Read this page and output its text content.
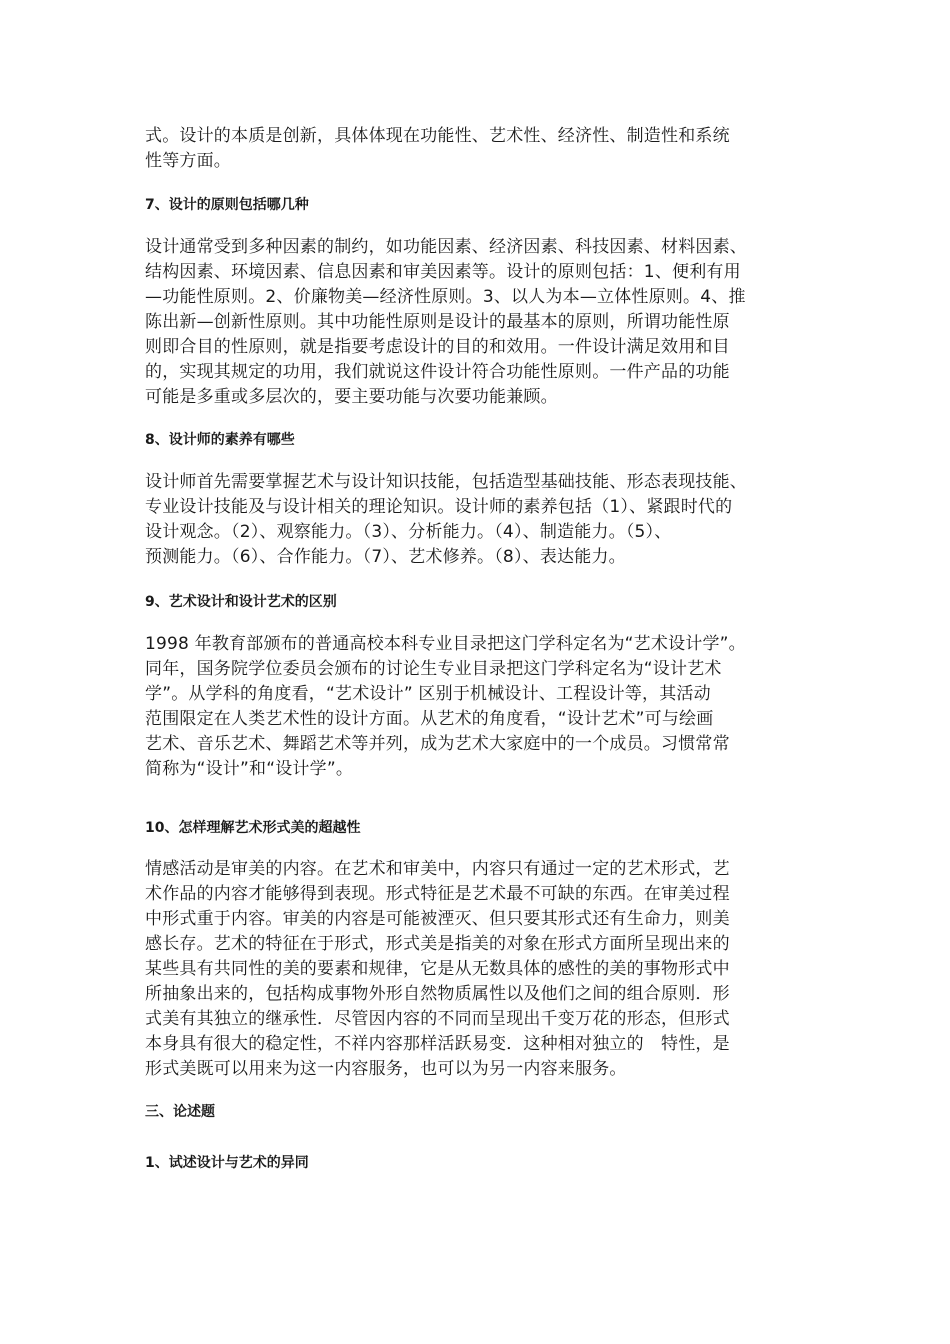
式。设计的本质是创新，具体体现在功能性、艺术性、经济性、制造性和系统
性等方面。

7、设计的原则包括哪几种

设计通常受到多种因素的制约，如功能因素、经济因素、科技因素、材料因素、
结构因素、环境因素、信息因素和审美因素等。设计的原则包括：1、便利有用
—功能性原则。2、价廉物美—经济性原则。3、以人为本—立体性原则。4、推
陈出新—创新性原则。其中功能性原则是设计的最基本的原则，所谓功能性原
则即合目的性原则，就是指要考虑设计的目的和效用。一件设计满足效用和目
的，实现其规定的功用，我们就说这件设计符合功能性原则。一件产品的功能
可能是多重或多层次的，要主要功能与次要功能兼顾。

8、设计师的素养有哪些

设计师首先需要掌握艺术与设计知识技能，包括造型基础技能、形态表现技能、
专业设计技能及与设计相关的理论知识。设计师的素养包括（1）、紧跟时代的
设计观念。（2）、观察能力。（3）、分析能力。（4）、制造能力。（5）、
预测能力。（6）、合作能力。（7）、艺术修养。（8）、表达能力。

9、艺术设计和设计艺术的区别

1998 年教育部颁布的普通高校本科专业目录把这门学科定名为“艺术设计学”。
同年，国务院学位委员会颁布的讨论生专业目录把这门学科定名为“设计艺术
学”。从学科的角度看，“艺术设计” 区别于机械设计、工程设计等，其活动
范围限定在人类艺术性的设计方面。从艺术的角度看，“设计艺术”可与绘画
艺术、音乐艺术、舞蹈艺术等并列，成为艺术大家庭中的一个成员。习惯常常
简称为“设计”和“设计学”。

10、怎样理解艺术形式美的超越性

情感活动是审美的内容。在艺术和审美中，内容只有通过一定的艺术形式，艺
术作品的内容才能够得到表现。形式特征是艺术最不可缺的东西。在审美过程
中形式重于内容。审美的内容是可能被湮灭、但只要其形式还有生命力，则美
感长存。艺术的特征在于形式，形式美是指美的对象在形式方面所呈现出来的
某些具有共同性的美的要素和规律，它是从无数具体的感性的美的事物形式中
所抽象出来的，包括构成事物外形自然物质属性以及他们之间的组合原则．形
式美有其独立的继承性．尽管因内容的不同而呈现出千变万花的形态，但形式
本身具有很大的稳定性，不祥内容那样活跃易变．这种相对独立的　特性，是
形式美既可以用来为这一内容服务，也可以为另一内容来服务。

三、论述题

1、试述设计与艺术的异同
